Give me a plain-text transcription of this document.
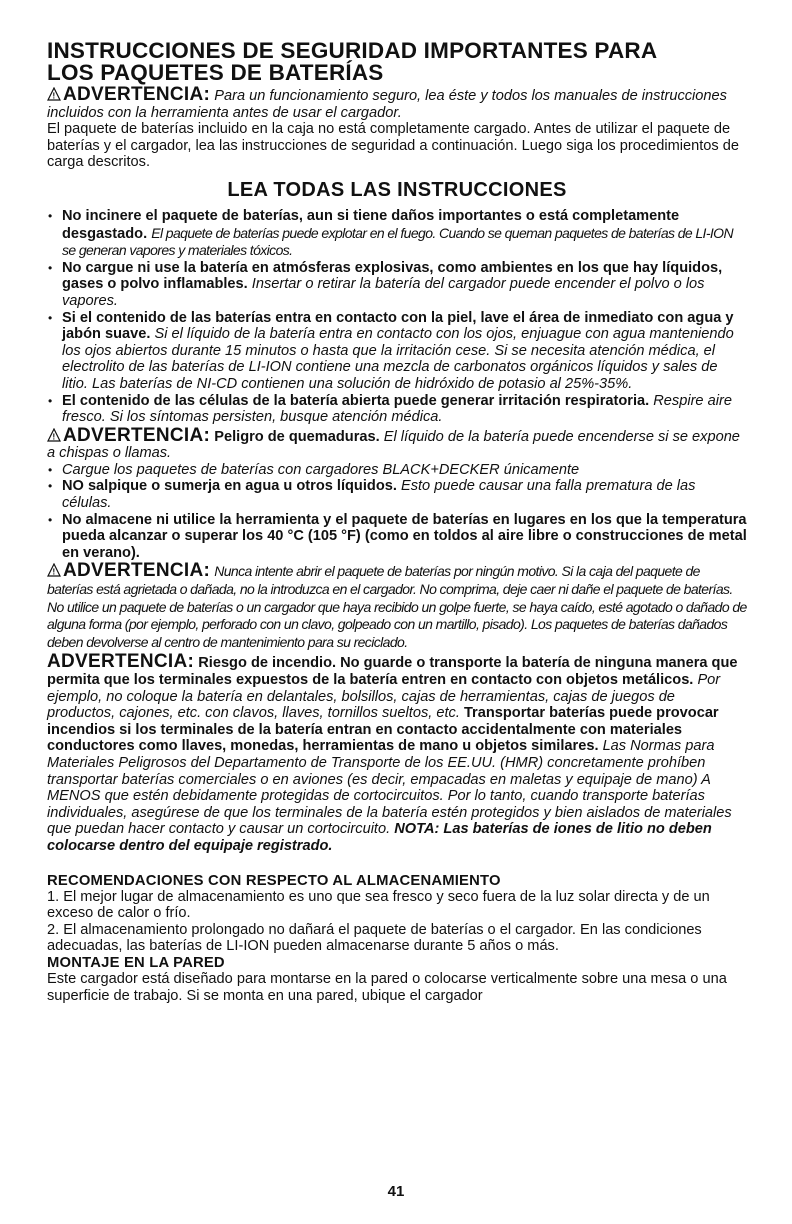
INSTRUCCIONES DE SEGURIDAD IMPORTANTES PARA
LOS PAQUETES DE BATERÍAS

! ADVERTENCIA: Para un funcionamiento seguro, lea éste y todos los manuales de instrucciones incluidos con la herramienta antes de usar el cargador.

El paquete de baterías incluido en la caja no está completamente cargado. Antes de utilizar el paquete de baterías y el cargador, lea las instrucciones de seguridad a continuación. Luego siga los procedimientos de carga descritos.

LEA TODAS LAS INSTRUCCIONES
• No incinere el paquete de baterías, aun si tiene daños importantes o está completamente desgastado. El paquete de baterías puede explotar en el fuego. Cuando se queman paquetes de baterías de LI-ION se generan vapores y materiales tóxicos.
• No cargue ni use la batería en atmósferas explosivas, como ambientes en los que hay líquidos, gases o polvo inflamables. Insertar o retirar la batería del cargador puede encender el polvo o los vapores.
• Si el contenido de las baterías entra en contacto con la piel, lave el área de inmediato con agua y jabón suave. Si el líquido de la batería entra en contacto con los ojos, enjuague con agua manteniendo los ojos abiertos durante 15 minutos o hasta que la irritación cese. Si se necesita atención médica, el electrolito de las baterías de LI-ION contiene una mezcla de carbonatos orgánicos líquidos y sales de litio. Las baterías de NI-CD contienen una solución de hidróxido de potasio al 25%-35%.
• El contenido de las células de la batería abierta puede generar irritación respiratoria. Respire aire fresco. Si los síntomas persisten, busque atención médica.

! ADVERTENCIA: Peligro de quemaduras. El líquido de la batería puede encenderse si se expone a chispas o llamas.

• Cargue los paquetes de baterías con cargadores BLACK+DECKER únicamente
• NO salpique o sumerja en agua u otros líquidos. Esto puede causar una falla prematura de las células.
• No almacene ni utilice la herramienta y el paquete de baterías en lugares en los que la temperatura pueda alcanzar o superar los 40 °C (105 °F) (como en toldos al aire libre o construcciones de metal en verano).

! ADVERTENCIA: Nunca intente abrir el paquete de baterías por ningún motivo. Si la caja del paquete de baterías está agrietada o dañada, no la introduzca en el cargador. No comprima, deje caer ni dañe el paquete de baterías. No utilice un paquete de baterías o un cargador que haya recibido un golpe fuerte, se haya caído, esté agotado o dañado de alguna forma (por ejemplo, perforado con un clavo, golpeado con un martillo, pisado). Los paquetes de baterías dañados deben devolverse al centro de mantenimiento para su reciclado.

ADVERTENCIA: Riesgo de incendio. No guarde o transporte la batería de ninguna manera que permita que los terminales expuestos de la batería entren en contacto con objetos metálicos. Por ejemplo, no coloque la batería en delantales, bolsillos, cajas de herramientas, cajas de juegos de productos, cajones, etc. con clavos, llaves, tornillos sueltos, etc. Transportar baterías puede provocar incendios si los terminales de la batería entran en contacto accidentalmente con materiales conductores como llaves, monedas, herramientas de mano u objetos similares. Las Normas para Materiales Peligrosos del Departamento de Transporte de los EE.UU. (HMR) concretamente prohíben transportar baterías comerciales o en aviones (es decir, empacadas en maletas y equipaje de mano) A MENOS que estén debidamente protegidas de cortocircuitos. Por lo tanto, cuando transporte baterías individuales, asegúrese de que los terminales de la batería estén protegidos y bien aislados de materiales que puedan hacer contacto y causar un cortocircuito. NOTA: Las baterías de iones de litio no deben colocarse dentro del equipaje registrado.

RECOMENDACIONES CON RESPECTO AL ALMACENAMIENTO

1. El mejor lugar de almacenamiento es uno que sea fresco y seco fuera de la luz solar directa y de un exceso de calor o frío.

2. El almacenamiento prolongado no dañará el paquete de baterías o el cargador. En las condiciones adecuadas, las baterías de LI-ION pueden almacenarse durante 5 años o más.

MONTAJE EN LA PARED

Este cargador está diseñado para montarse en la pared o colocarse verticalmente sobre una mesa o una superficie de trabajo. Si se monta en una pared, ubique el cargador

41
